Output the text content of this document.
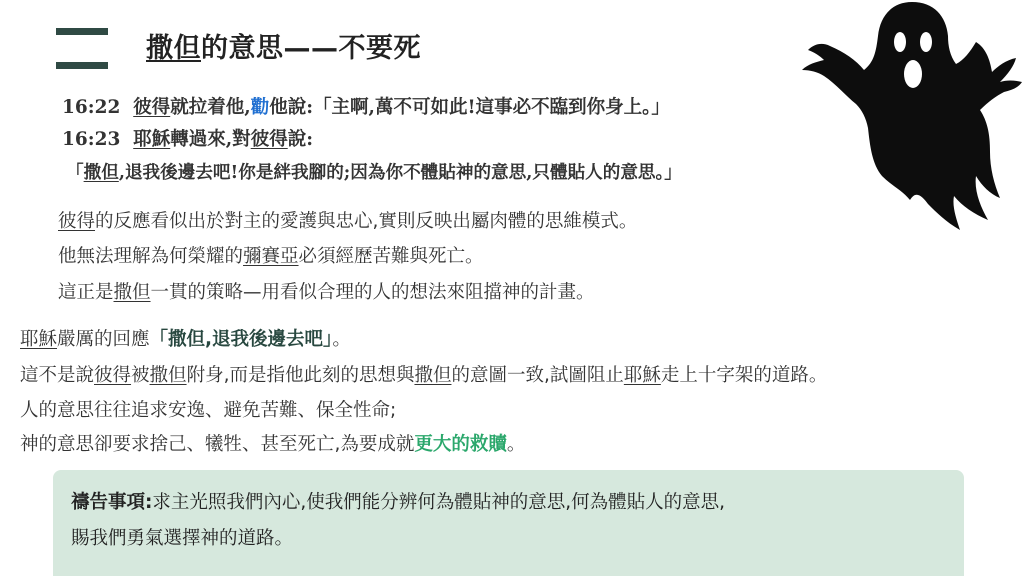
撒但的意思——不要死
16:22 彼得就拉着他,勸他說:「主啊,萬不可如此!這事必不臨到你身上。」
16:23 耶穌轉過來,對彼得說:
「撒但,退我後邊去吧!你是絆我腳的;因為你不體貼神的意思,只體貼人的意思。」
彼得的反應看似出於對主的愛護與忠心,實則反映出屬肉體的思維模式。
他無法理解為何榮耀的彌賽亞必須經歷苦難與死亡。
這正是撒但一貫的策略—用看似合理的人的想法來阻擋神的計畫。
耶穌嚴厲的回應「撒但,退我後邊去吧」。
這不是說彼得被撒但附身,而是指他此刻的思想與撒但的意圖一致,試圖阻止耶穌走上十字架的道路。
人的意思往往追求安逸、避免苦難、保全性命;
神的意思卻要求捨己、犧牲、甚至死亡,為要成就更大的救贖。
禱告事項:求主光照我們內心,使我們能分辨何為體貼神的意思,何為體貼人的意思,
賜我們勇氣選擇神的道路。
